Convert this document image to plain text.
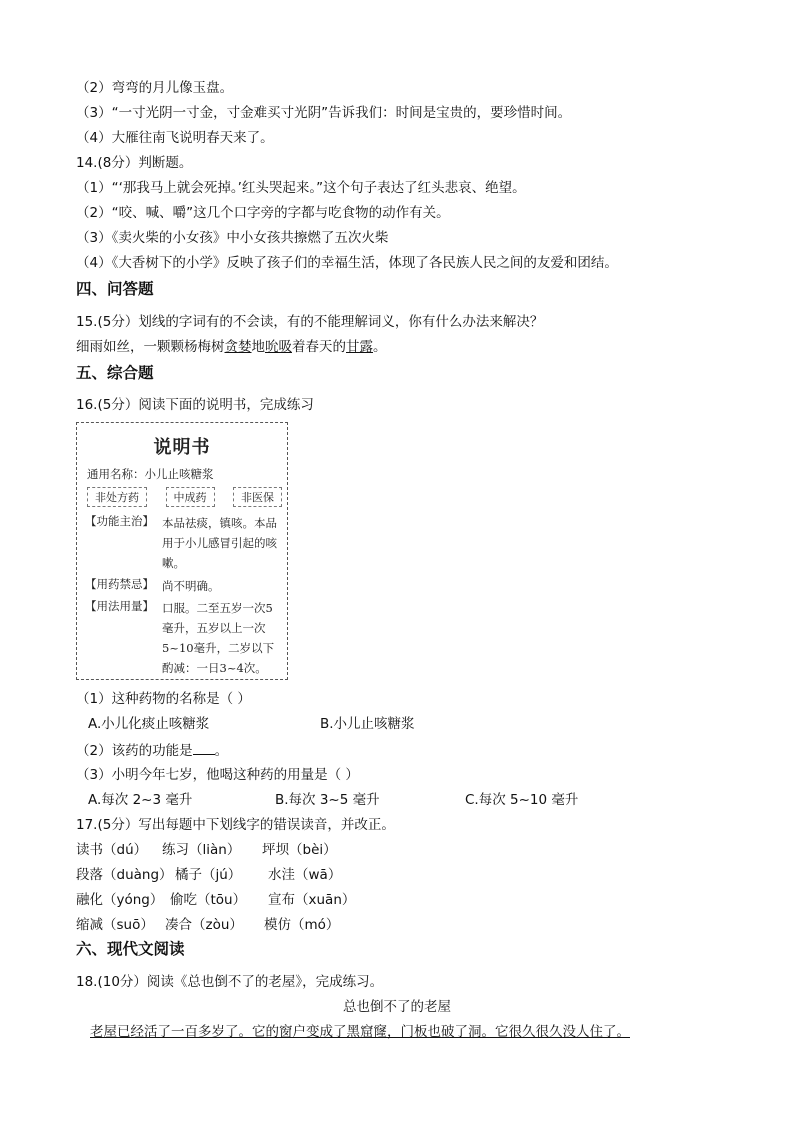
（2）弯弯的月儿像玉盘。
（3）“一寸光阴一寸金，寸金难买寸光阴”告诉我们：时间是宝贵的，要珍惜时间。
（4）大雁往南飞说明春天来了。
14.(8分）判断题。
（1）“‘那我马上就会死掉。’红头哭起来。”这个句子表达了红头悲哀、绝望。
（2）“咬、喊、嚼”这几个口字旁的字都与吃食物的动作有关。
（3）《卖火柴的小女孩》中小女孩共擦燃了五次火柴
（4）《大香树下的小学》反映了孩子们的幸福生活，体现了各民族人民之间的友爱和团结。
四、问答题
15.(5分）划线的字词有的不会读，有的不能理解词义，你有什么办法来解决？
细雨如丝，一颗颗杨梅树贪婪地吮吸着春天的甘露。
五、综合题
16.(5分）阅读下面的说明书，完成练习
说明书
通用名称：小儿止咳糖浆
非处方药	中成药	非医保
【功能主治】 本品祛痰，镇咳。本品用于小儿感冒引起的咳嗽。
【用药禁忌】 尚不明确。
【用法用量】 口服。二至五岁一次5毫升，五岁以上一次5~10毫升，二岁以下酌减：一日3~4次。
（1）这种药物的名称是（ ）
A.小儿化痰止咳糖浆	B.小儿止咳糖浆
（2）该药的功能是 。
（3）小明今年七岁，他喝这种药的用量是（ ）
A.每次 2~3 毫升	B.每次 3~5 毫升	C.每次 5~10 毫升
17.(5分）写出每题中下划线字的错误读音，并改正。
读书（dú） 练习（liàn） 坪坝（bèi）
段落（duàng） 橘子（jú） 水洼（wā）
融化（yóng） 偷吃（tōu） 宣布（xuān）
缩减（suō） 凑合（zòu） 模仿（mó）
六、现代文阅读
18.(10分）阅读《总也倒不了的老屋》，完成练习。
总也倒不了的老屋
老屋已经活了一百多岁了。它的窗户变成了黑窟窿，门板也破了洞。它很久很久没人住了。
